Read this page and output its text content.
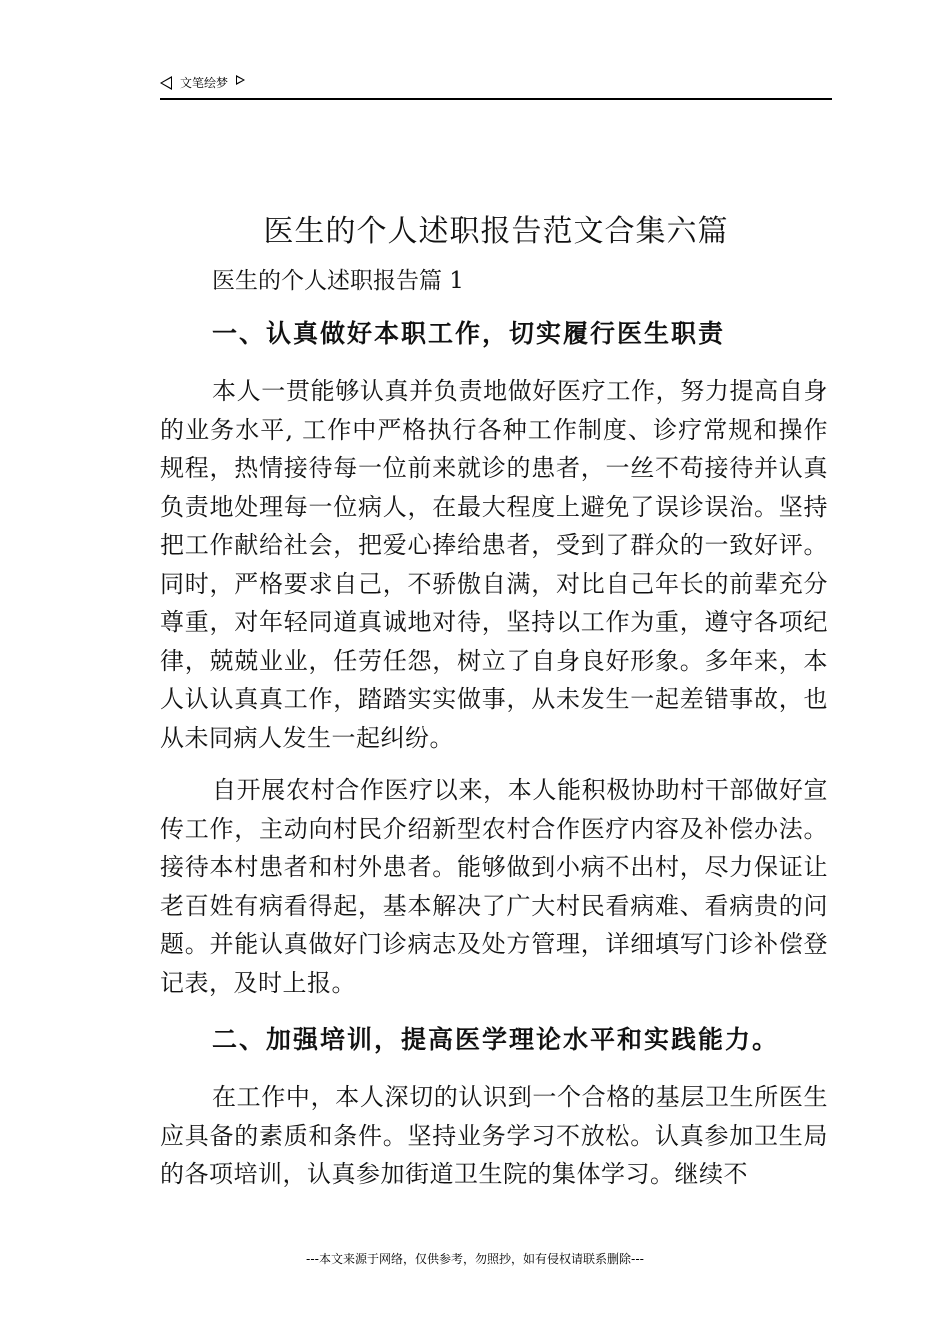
文笔绘梦
医生的个人述职报告范文合集六篇

医生的个人述职报告篇 1

一、认真做好本职工作，切实履行医生职责

本人一贯能够认真并负责地做好医疗工作，努力提高自身的业务水平, 工作中严格执行各种工作制度、诊疗常规和操作规程，热情接待每一位前来就诊的患者，一丝不苟接待并认真负责地处理每一位病人，在最大程度上避免了误诊误治。坚持把工作献给社会，把爱心捧给患者，受到了群众的一致好评。同时，严格要求自己，不骄傲自满，对比自己年长的前辈充分尊重，对年轻同道真诚地对待，坚持以工作为重，遵守各项纪律，兢兢业业，任劳任怨，树立了自身良好形象。多年来，本人认认真真工作，踏踏实实做事，从未发生一起差错事故，也从未同病人发生一起纠纷。

自开展农村合作医疗以来，本人能积极协助村干部做好宣传工作，主动向村民介绍新型农村合作医疗内容及补偿办法。接待本村患者和村外患者。能够做到小病不出村，尽力保证让老百姓有病看得起，基本解决了广大村民看病难、看病贵的问题。并能认真做好门诊病志及处方管理，详细填写门诊补偿登记表，及时上报。

二、加强培训，提高医学理论水平和实践能力。

在工作中，本人深切的认识到一个合格的基层卫生所医生应具备的素质和条件。坚持业务学习不放松。认真参加卫生局的各项培训，认真参加街道卫生院的集体学习。继续不

---本文来源于网络，仅供参考，勿照抄，如有侵权请联系删除---
